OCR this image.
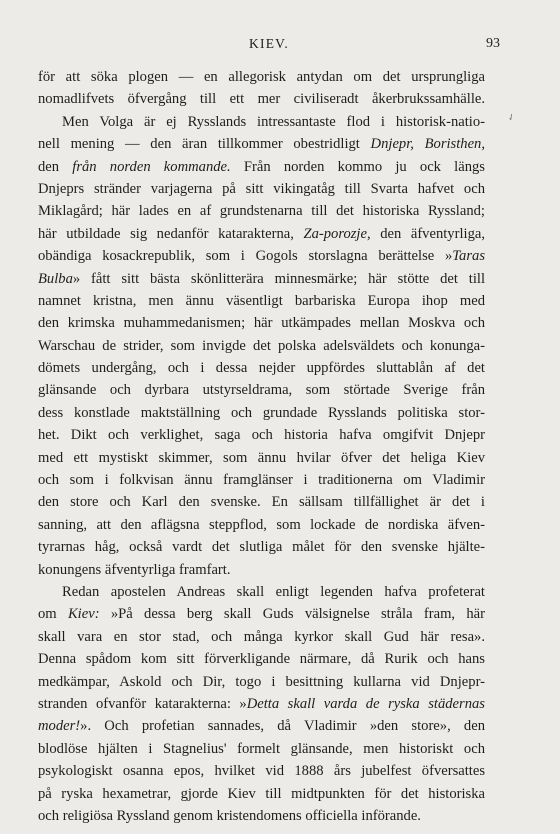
KIEV.	93
✓
för att söka plogen — en allegorisk antydan om det ursprungliga
nomadlifvets öfvergång till ett mer civiliseradt åkerbrukssamhälle.
Men Volga är ej Rysslands intressantaste flod i historisk-natio-
nell mening — den äran tillkommer obestridligt Dnjepr, Boristhen,
den från norden kommande. Från norden kommo ju ock längs
Dnjeprs stränder varjagerna på sitt vikingatåg till Svarta hafvet och
Miklagård; här lades en af grundstenarna till det historiska Ryssland;
här utbildade sig nedanför katarakterna, Za-porozje, den äfventyrliga,
obändiga kosackrepublik, som i Gogols storslagna berättelse »Taras
Bulba» fått sitt bästa skönlitterära minnesmärke; här stötte det till
namnet kristna, men ännu väsentligt barbariska Europa ihop med
den krimska muhammedanismen; här utkämpades mellan Moskva och
Warschau de strider, som invigde det polska adelsväldets och konunga-
dömets undergång, och i dessa nejder uppfördes sluttablån af det
glänsande och dyrbara utstyrseldrama, som störtade Sverige från
dess konstlade maktställning och grundade Rysslands politiska stor-
het. Dikt och verklighet, saga och historia hafva omgifvit Dnjepr
med ett mystiskt skimmer, som ännu hvilar öfver det heliga Kiev
och som i folkvisan ännu framglänser i traditionerna om Vladimir
den store och Karl den svenske. En sällsam tillfällighet är det i
sanning, att den aflägsna steppflod, som lockade de nordiska äfven-
tyrarnas håg, också vardt det slutliga målet för den svenske hjälte-
konungens äfventyrliga framfart.
Redan apostelen Andreas skall enligt legenden hafva profeterat
om Kiev: »På dessa berg skall Guds välsignelse stråla fram, här
skall vara en stor stad, och många kyrkor skall Gud här resa».
Denna spådom kom sitt förverkligande närmare, då Rurik och hans
medkämpar, Askold och Dir, togo i besittning kullarna vid Dnjepr-
stranden ofvanför katarakterna: »Detta skall varda de ryska städernas
moder!». Och profetian sannades, då Vladimir »den store», den
blodlöse hjälten i Stagnelius' formelt glänsande, men historiskt och
psykologiskt osanna epos, hvilket vid 1888 års jubelfest öfversattes
på ryska hexametrar, gjorde Kiev till midtpunkten för det historiska
och religiösa Ryssland genom kristendomens officiella införande.
